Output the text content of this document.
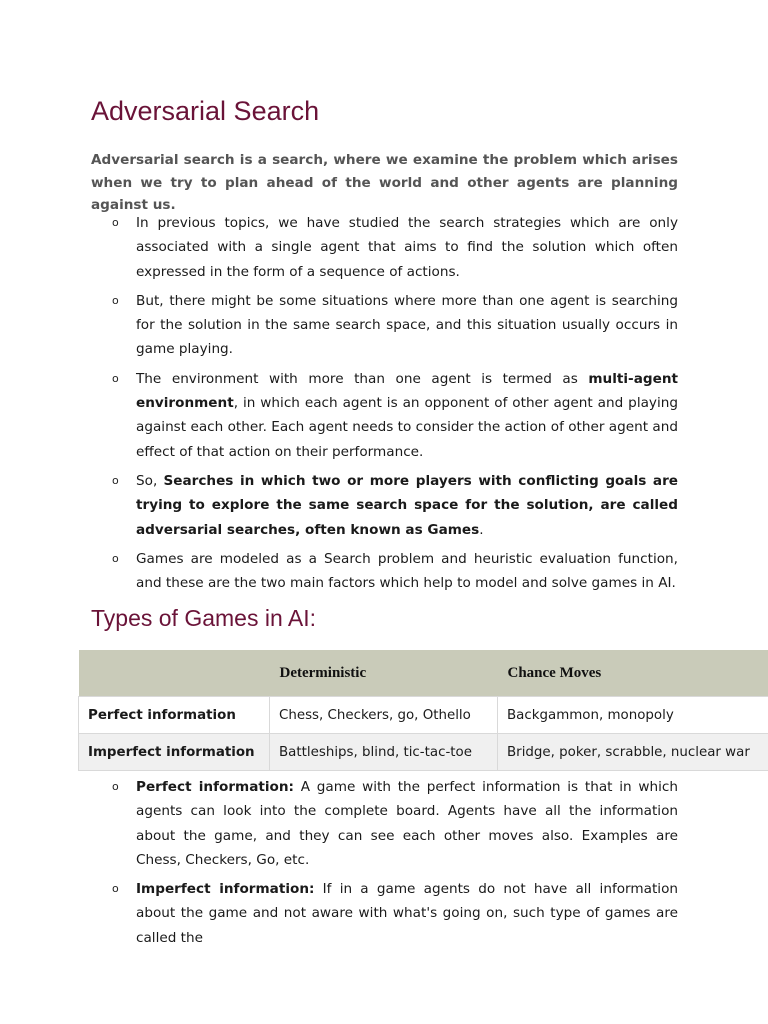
Adversarial Search

Adversarial search is a search, where we examine the problem which arises when we try to plan ahead of the world and other agents are planning against us.

o In previous topics, we have studied the search strategies which are only associated with a single agent that aims to find the solution which often expressed in the form of a sequence of actions.
o But, there might be some situations where more than one agent is searching for the solution in the same search space, and this situation usually occurs in game playing.
o The environment with more than one agent is termed as multi-agent environment, in which each agent is an opponent of other agent and playing against each other. Each agent needs to consider the action of other agent and effect of that action on their performance.
o So, Searches in which two or more players with conflicting goals are trying to explore the same search space for the solution, are called adversarial searches, often known as Games.
o Games are modeled as a Search problem and heuristic evaluation function, and these are the two main factors which help to model and solve games in AI.
Types of Games in AI:
	Deterministic	Chance Moves
Perfect information	Chess, Checkers, go, Othello	Backgammon, monopoly
Imperfect information	Battleships, blind, tic-tac-toe	Bridge, poker, scrabble, nuclear war
o Perfect information: A game with the perfect information is that in which agents can look into the complete board. Agents have all the information about the game, and they can see each other moves also. Examples are Chess, Checkers, Go, etc.
o Imperfect information: If in a game agents do not have all information about the game and not aware with what's going on, such type of games are called the
